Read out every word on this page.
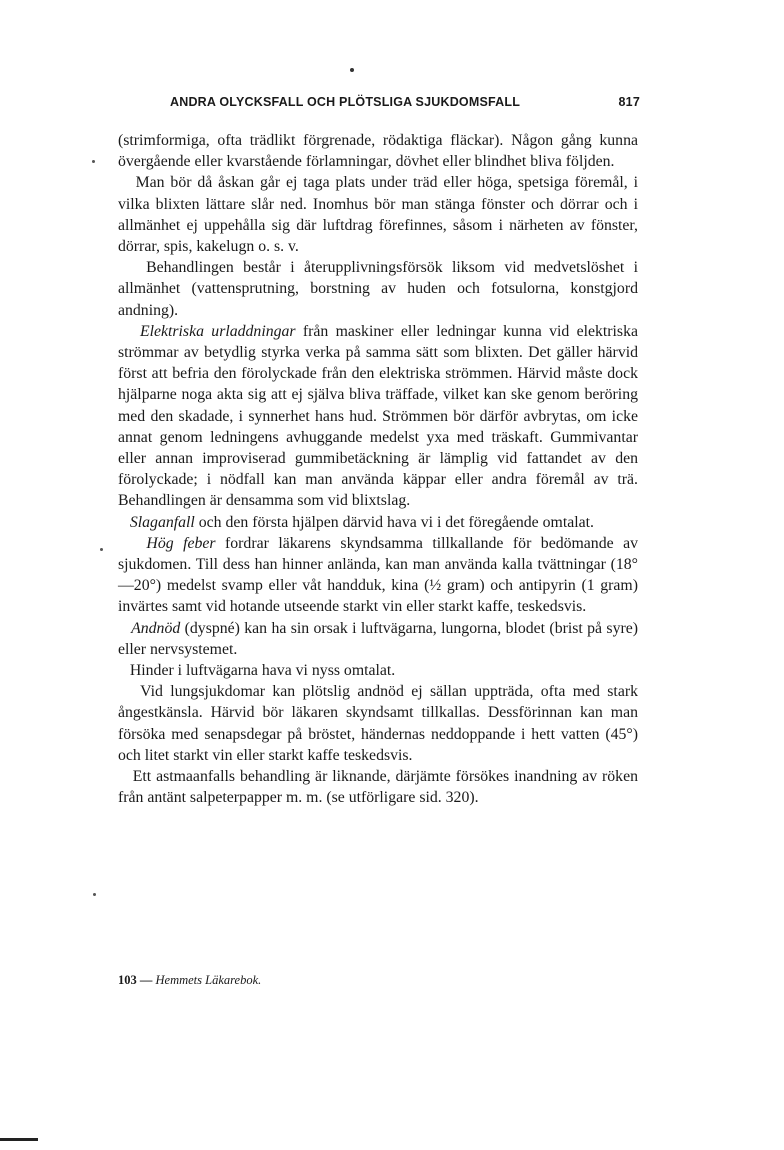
ANDRA OLYCKSFALL OCH PLÖTSLIGA SJUKDOMSFALL	817

(strimformiga, ofta trädlikt förgrenade, rödaktiga fläckar). Någon gång kunna övergående eller kvarstående förlamningar, dövhet eller blindhet bliva följden.

Man bör då åskan går ej taga plats under träd eller höga, spetsiga föremål, i vilka blixten lättare slår ned. Inomhus bör man stänga fönster och dörrar och i allmänhet ej uppehålla sig där luftdrag förefinnes, såsom i närheten av fönster, dörrar, spis, kakelugn o. s. v.

Behandlingen består i återupplivningsförsök liksom vid medvetslöshet i allmänhet (vattensprutning, borstning av huden och fotsulorna, konstgjord andning).

Elektriska urladdningar från maskiner eller ledningar kunna vid elektriska strömmar av betydlig styrka verka på samma sätt som blixten. Det gäller härvid först att befria den förolyckade från den elektriska strömmen. Härvid måste dock hjälparne noga akta sig att ej själva bliva träffade, vilket kan ske genom beröring med den skadade, i synnerhet hans hud. Strömmen bör därför avbrytas, om icke annat genom ledningens avhuggande medelst yxa med träskaft. Gummivantar eller annan improviserad gummibetäckning är lämplig vid fattandet av den förolyckade; i nödfall kan man använda käppar eller andra föremål av trä. Behandlingen är densamma som vid blixtslag.

Slaganfall och den första hjälpen därvid hava vi i det föregående omtalat.

Hög feber fordrar läkarens skyndsamma tillkallande för bedömande av sjukdomen. Till dess han hinner anlända, kan man använda kalla tvättningar (18°—20°) medelst svamp eller våt handduk, kina (½ gram) och antipyrin (1 gram) invärtes samt vid hotande utseende starkt vin eller starkt kaffe, teskedsvis.

Andnöd (dyspné) kan ha sin orsak i luftvägarna, lungorna, blodet (brist på syre) eller nervsystemet.

Hinder i luftvägarna hava vi nyss omtalat.

Vid lungsjukdomar kan plötslig andnöd ej sällan uppträda, ofta med stark ångestkänsla. Härvid bör läkaren skyndsamt tillkallas. Dessförinnan kan man försöka med senapsdegar på bröstet, händernas neddoppande i hett vatten (45°) och litet starkt vin eller starkt kaffe teskedsvis.

Ett astmaanfalls behandling är liknande, därjämte försökes inandning av röken från antänt salpeterpapper m. m. (se utförligare sid. 320).

103 — Hemmets Läkarebok.
